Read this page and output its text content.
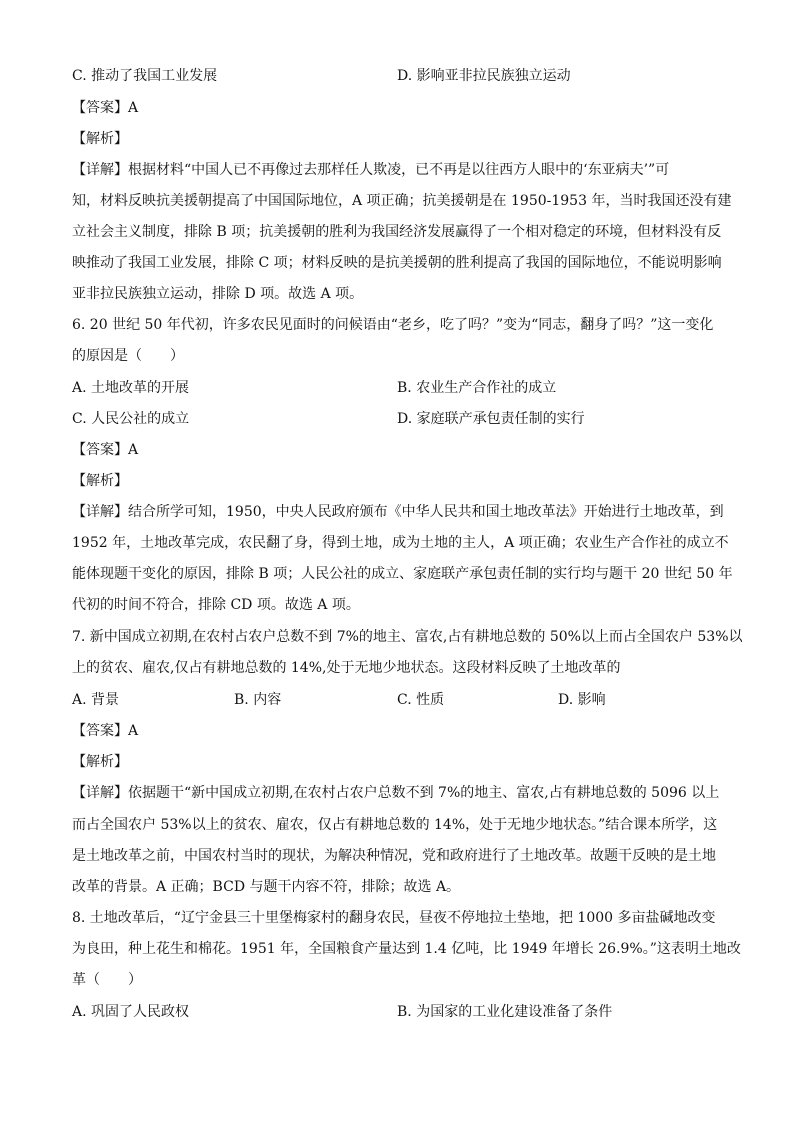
C. 推动了我国工业发展	D. 影响亚非拉民族独立运动
【答案】A
【解析】
【详解】根据材料“中国人已不再像过去那样任人欺凌，已不再是以往西方人眼中的‘东亚病夫’”可
知，材料反映抗美援朝提高了中国国际地位，A 项正确；抗美援朝是在 1950-1953 年，当时我国还没有建
立社会主义制度，排除 B 项；抗美援朝的胜利为我国经济发展赢得了一个相对稳定的环境，但材料没有反
映推动了我国工业发展，排除 C 项；材料反映的是抗美援朝的胜利提高了我国的国际地位，不能说明影响
亚非拉民族独立运动，排除 D 项。故选 A 项。
6. 20 世纪 50 年代初，许多农民见面时的问候语由“老乡，吃了吗？”变为“同志，翻身了吗？”这一变化
的原因是（　　）
A. 土地改革的开展	B. 农业生产合作社的成立
C. 人民公社的成立	D. 家庭联产承包责任制的实行
【答案】A
【解析】
【详解】结合所学可知，1950，中央人民政府颁布《中华人民共和国土地改革法》开始进行土地改革，到
1952 年，土地改革完成，农民翻了身，得到土地，成为土地的主人，A 项正确；农业生产合作社的成立不
能体现题干变化的原因，排除 B 项；人民公社的成立、家庭联产承包责任制的实行均与题干 20 世纪 50 年
代初的时间不符合，排除 CD 项。故选 A 项。
7. 新中国成立初期,在农村占农户总数不到 7%的地主、富农,占有耕地总数的 50%以上而占全国农户 53%以
上的贫农、雇农,仅占有耕地总数的 14%,处于无地少地状态。这段材料反映了土地改革的
A. 背景	B. 内容	C. 性质	D. 影响
【答案】A
【解析】
【详解】依据题干“新中国成立初期,在农村占农户总数不到 7%的地主、富农,占有耕地总数的 5096 以上
而占全国农户 53%以上的贫农、雇农，仅占有耕地总数的 14%，处于无地少地状态。”结合课本所学，这
是土地改革之前，中国农村当时的现状，为解决种情况，党和政府进行了土地改革。故题干反映的是土地
改革的背景。A 正确；BCD 与题干内容不符，排除；故选 A。
8. 土地改革后，“辽宁金县三十里堡梅家村的翻身农民，昼夜不停地拉土垫地，把 1000 多亩盐碱地改变
为良田，种上花生和棉花。1951 年，全国粮食产量达到 1.4 亿吨，比 1949 年增长 26.9%。”这表明土地改
革（　　）
A. 巩固了人民政权	B. 为国家的工业化建设准备了条件
